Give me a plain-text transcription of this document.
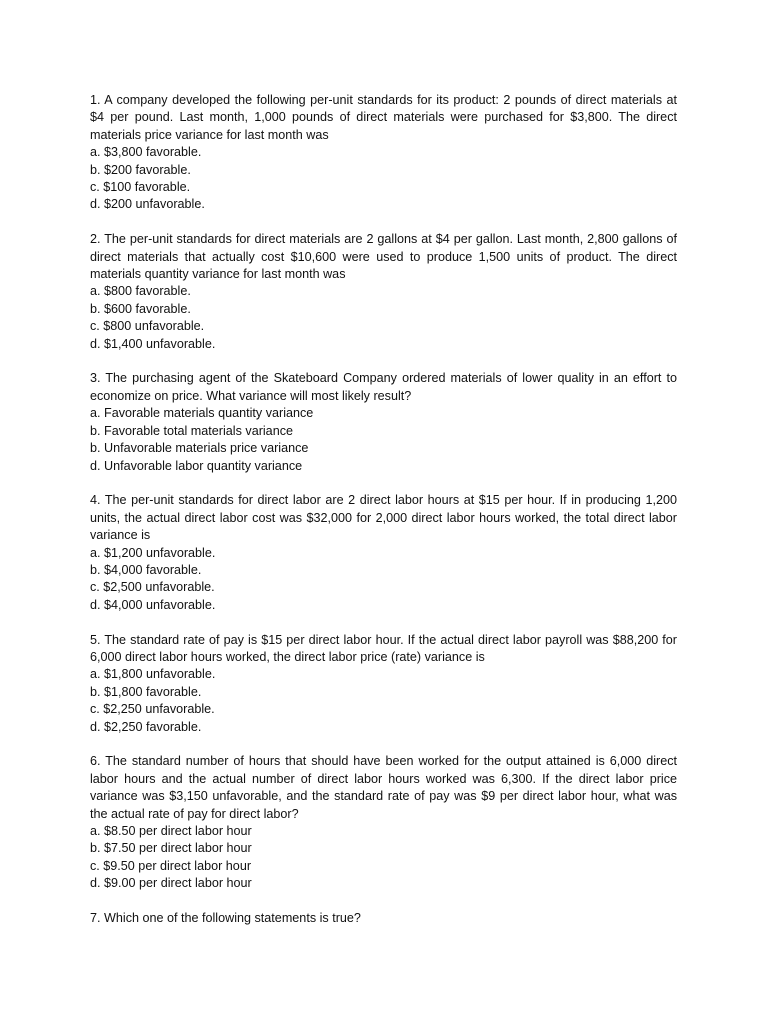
1. A company developed the following per-unit standards for its product: 2 pounds of direct materials at $4 per pound. Last month, 1,000 pounds of direct materials were purchased for $3,800. The direct materials price variance for last month was

a. $3,800 favorable.
b. $200 favorable.
c. $100 favorable.
d. $200 unfavorable.

2. The per-unit standards for direct materials are 2 gallons at $4 per gallon. Last month, 2,800 gallons of direct materials that actually cost $10,600 were used to produce 1,500 units of product. The direct materials quantity variance for last month was

a. $800 favorable.
b. $600 favorable.
c. $800 unfavorable.
d. $1,400 unfavorable.

3. The purchasing agent of the Skateboard Company ordered materials of lower quality in an effort to economize on price. What variance will most likely result?

a. Favorable materials quantity variance
b. Favorable total materials variance
b. Unfavorable materials price variance
d. Unfavorable labor quantity variance

4. The per-unit standards for direct labor are 2 direct labor hours at $15 per hour. If in producing 1,200 units, the actual direct labor cost was $32,000 for 2,000 direct labor hours worked, the total direct labor variance is

a. $1,200 unfavorable.
b. $4,000 favorable.
c. $2,500 unfavorable.
d. $4,000 unfavorable.

5. The standard rate of pay is $15 per direct labor hour. If the actual direct labor payroll was $88,200 for 6,000 direct labor hours worked, the direct labor price (rate) variance is

a. $1,800 unfavorable.
b. $1,800 favorable.
c. $2,250 unfavorable.
d. $2,250 favorable.

6. The standard number of hours that should have been worked for the output attained is 6,000 direct labor hours and the actual number of direct labor hours worked was 6,300. If the direct labor price variance was $3,150 unfavorable, and the standard rate of pay was $9 per direct labor hour, what was the actual rate of pay for direct labor?

a. $8.50 per direct labor hour
b. $7.50 per direct labor hour
c. $9.50 per direct labor hour
d. $9.00 per direct labor hour

7. Which one of the following statements is true?
